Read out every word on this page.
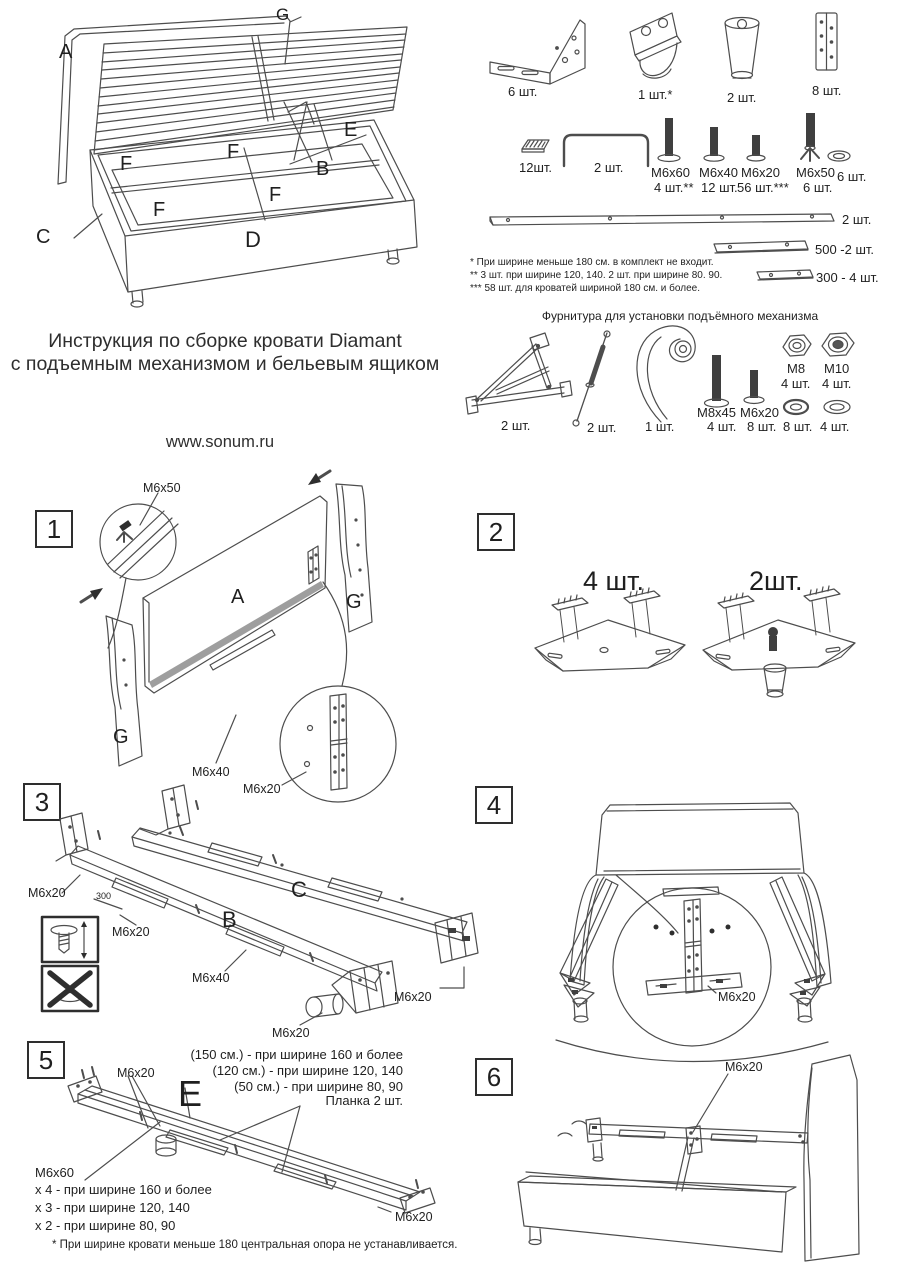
G
A
E
B
F
F
F
F
C	D
6 шт.	1 шт.*	2 шт.	8 шт.
12шт.	2 шт. M6x60
4 шт.**
M6x40
12 шт.
M6x20
56 шт.***
M6x50
6 шт.
6 шт.
2 шт.
500 -2 шт.
300 - 4 шт.
* При ширине меньше 180 см. в комплект не входит.
** 3 шт. при ширине 120, 140. 2 шт. при ширине 80. 90.
*** 58 шт. для кроватей шириной 180 см. и более.
Фурнитура для установки подъёмного механизма
2 шт.	2 шт. 1 шт.
M8x45
4 шт.
M6x20
8 шт.
M8
4 шт.
M10
4 шт.
8 шт. 4 шт.
Инструкция по сборке кровати Diamant
с подъемным механизмом и бельевым ящиком
www.sonum.ru
1
M6x50
A	G
G
M6x40
M6x20
2
4 шт.	2шт.
3
M6x20	300
M6x20	B
C
M6x40
M6x20
M6x20
4
M6x20
5	M6x20 E
(150 см.) - при ширине 160 и более
(120 см.) - при ширине 120, 140
(50 см.) - при ширине 80, 90
Планка 2 шт.
M6x60
х 4 - при ширине 160 и более
х 3 - при ширине 120, 140
х 2 - при ширине 80, 90
M6x20
* При ширине кровати меньше 180 центральная опора не устанавливается.
6	M6x20
